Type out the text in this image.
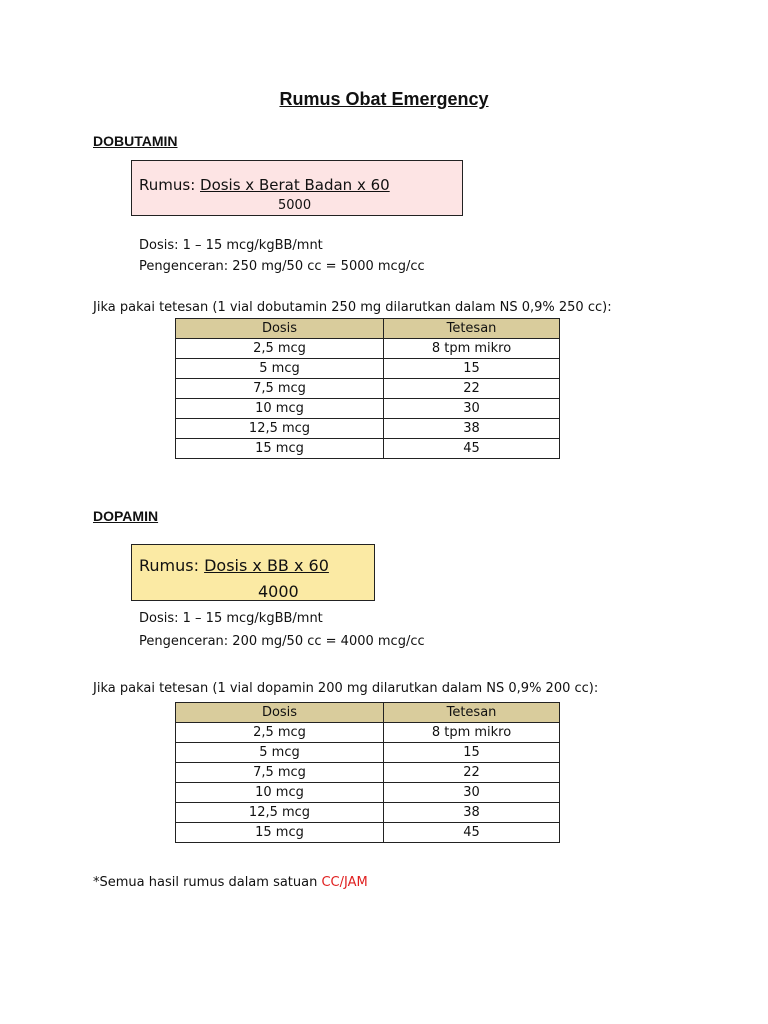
Rumus Obat Emergency
DOBUTAMIN
Rumus: Dosis x Berat Badan x 60
5000
Dosis: 1 – 15 mcg/kgBB/mnt
Pengenceran: 250 mg/50 cc = 5000 mcg/cc
Jika pakai tetesan (1 vial dobutamin 250 mg dilarutkan dalam NS 0,9% 250 cc):
Dosis	Tetesan
2,5 mcg	8 tpm mikro
5 mcg	15
7,5 mcg	22
10 mcg	30
12,5 mcg	38
15 mcg	45
DOPAMIN
Rumus: Dosis x BB x 60
4000
Dosis: 1 – 15 mcg/kgBB/mnt
Pengenceran: 200 mg/50 cc = 4000 mcg/cc
Jika pakai tetesan (1 vial dopamin 200 mg dilarutkan dalam NS 0,9% 200 cc):
Dosis	Tetesan
2,5 mcg	8 tpm mikro
5 mcg	15
7,5 mcg	22
10 mcg	30
12,5 mcg	38
15 mcg	45
*Semua hasil rumus dalam satuan CC/JAM
